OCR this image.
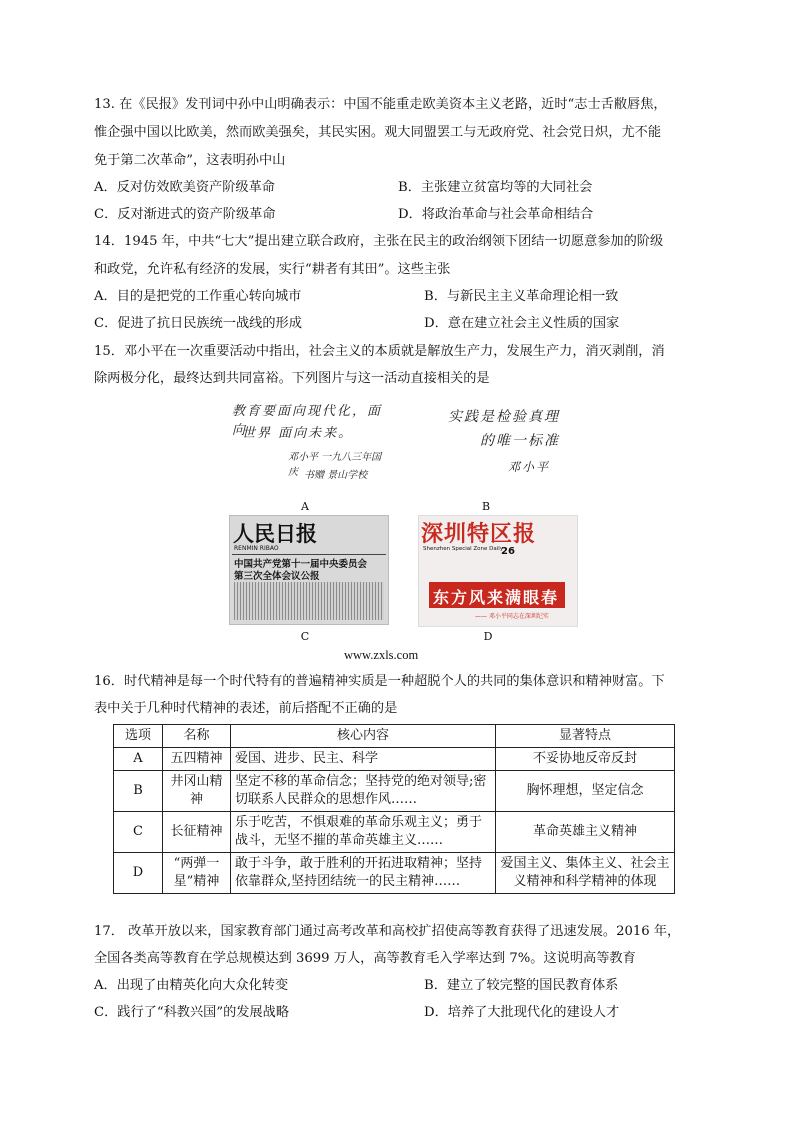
13. 在《民报》发刊词中孙中山明确表示：中国不能重走欧美资本主义老路，近时“志士舌敝唇焦，
惟企强中国以比欧美，然而欧美强矣，其民实困。观大同盟罢工与无政府党、社会党日炽，尤不能
免于第二次革命”，这表明孙中山
A．反对仿效欧美资产阶级革命	B．主张建立贫富均等的大同社会
C．反对渐进式的资产阶级革命	D．将政治革命与社会革命相结合
14．1945 年，中共“七大”提出建立联合政府，主张在民主的政治纲领下团结一切愿意参加的阶级
和政党，允许私有经济的发展，实行“耕者有其田”。这些主张
A．目的是把党的工作重心转向城市	B．与新民主主义革命理论相一致
C．促进了抗日民族统一战线的形成	D．意在建立社会主义性质的国家
15．邓小平在一次重要活动中指出，社会主义的本质就是解放生产力，发展生产力，消灭剥削，消
除两极分化，最终达到共同富裕。下列图片与这一活动直接相关的是
教育要面向现代化，面向
世界 面向未来。
邓小平 一九八三年国庆 书赠 景山学校
A
实践是检验真理
的唯一标准
邓小平
B
人民日报
RENMIN RIBAO
中国共产党第十一届中央委员会
第三次全体会议公报
C
深圳特区报
Shenzhen Special Zone Daily
26
东方风来满眼春
—— 邓小平同志在深圳纪实
D
www.zxls.com
16．时代精神是每一个时代特有的普遍精神实质是一种超脱个人的共同的集体意识和精神财富。下
表中关于几种时代精神的表述，前后搭配不正确的是
选项	名称	核心内容	显著特点
A	五四精神	爱国、进步、民主、科学	不妥协地反帝反封
B	井冈山精神	坚定不移的革命信念；坚持党的绝对领导;密切联系人民群众的思想作风……	胸怀理想，坚定信念
C	长征精神	乐于吃苦，不惧艰难的革命乐观主义；勇于战斗，无坚不摧的革命英雄主义……	革命英雄主义精神
D	“两弹一星”精神	敢于斗争，敢于胜利的开拓进取精神；坚持依靠群众,坚持团结统一的民主精神……	爱国主义、集体主义、社会主义精神和科学精神的体现
17． 改革开放以来，国家教育部门通过高考改革和高校扩招使高等教育获得了迅速发展。2016 年，
全国各类高等教育在学总规模达到 3699 万人，高等教育毛入学率达到 7%。这说明高等教育
A．出现了由精英化向大众化转变	B．建立了较完整的国民教育体系
C．践行了“科教兴国”的发展战略	D．培养了大批现代化的建设人才
